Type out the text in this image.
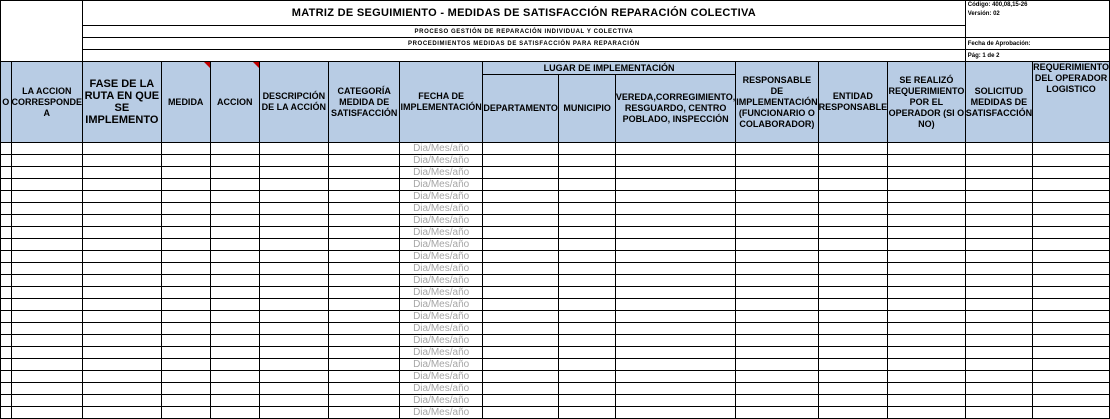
		MATRIZ DE SEGUIMIENTO - MEDIDAS DE SATISFACCIÓN REPARACIÓN COLECTIVA												Código: 400,08,15-26
Versión: 02	

		PROCESO GESTIÓN DE REPARACIÓN INDIVIDUAL Y COLECTIVA													
		PROCEDIMIENTOS MEDIDAS DE SATISFACCIÓN PARA REPARACIÓN												Fecha de Aprobación:	
														Pág: 1 de 2	
O	LA ACCION CORRESPONDE A	FASE DE LA RUTA EN QUE SE IMPLEMENTO	MEDIDA	ACCION	DESCRIPCIÓN DE LA ACCIÓN	CATEGORÍA MEDIDA DE SATISFACCIÓN	FECHA DE IMPLEMENTACIÓN	LUGAR DE IMPLEMENTACIÓN			RESPONSABLE DE IMPLEMENTACIÓN (FUNCIONARIO O COLABORADOR)	ENTIDAD RESPONSABLE	SE REALIZÓ REQUERIMIENTO POR EL OPERADOR (SI O NO)	SOLICITUD MEDIDAS DE SATISFACCIÓN	REQUERIMIENTO DEL OPERADOR LOGISTICO
								DEPARTAMENTO	MUNICIPIO	VEREDA,CORREGIMIENTO, RESGUARDO, CENTRO POBLADO, INSPECCIÓN					
							Dia/Mes/año								
							Dia/Mes/año								
							Dia/Mes/año								
							Dia/Mes/año								
							Dia/Mes/año								
							Dia/Mes/año								
							Dia/Mes/año								
							Dia/Mes/año								
							Dia/Mes/año								
							Dia/Mes/año								
							Dia/Mes/año								
							Dia/Mes/año								
							Dia/Mes/año								
							Dia/Mes/año								
							Dia/Mes/año								
							Dia/Mes/año								
							Dia/Mes/año								
							Dia/Mes/año								
							Dia/Mes/año								
							Dia/Mes/año								
							Dia/Mes/año								
							Dia/Mes/año								
							Dia/Mes/año								
